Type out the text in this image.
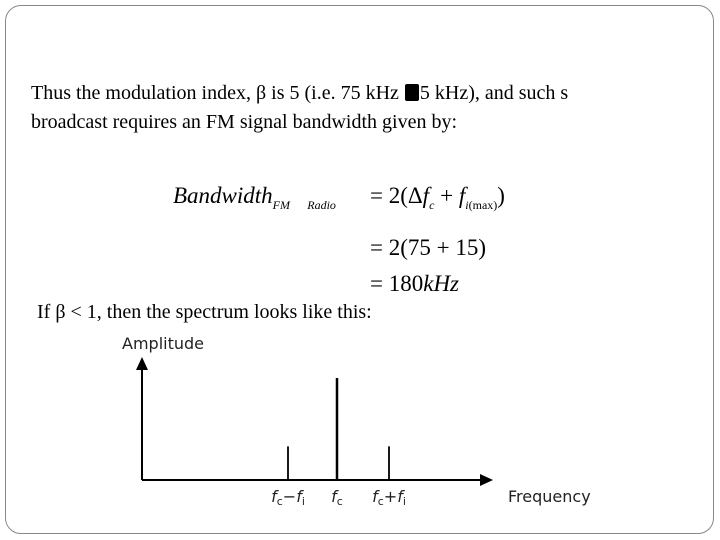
Thus the modulation index, β is 5 (i.e. 75 kHz 5 kHz), and such s
broadcast requires an FM signal bandwidth given by:
Bandwidth$_{FM}$ $_{Radio} = 2(\Delta f_c + f_{i(max)})$
= 2(75 + 15)
= 180kHz
If β < 1, then the spectrum looks like this:
Amplitude
Frequency
fc−fi fc fc+fi
